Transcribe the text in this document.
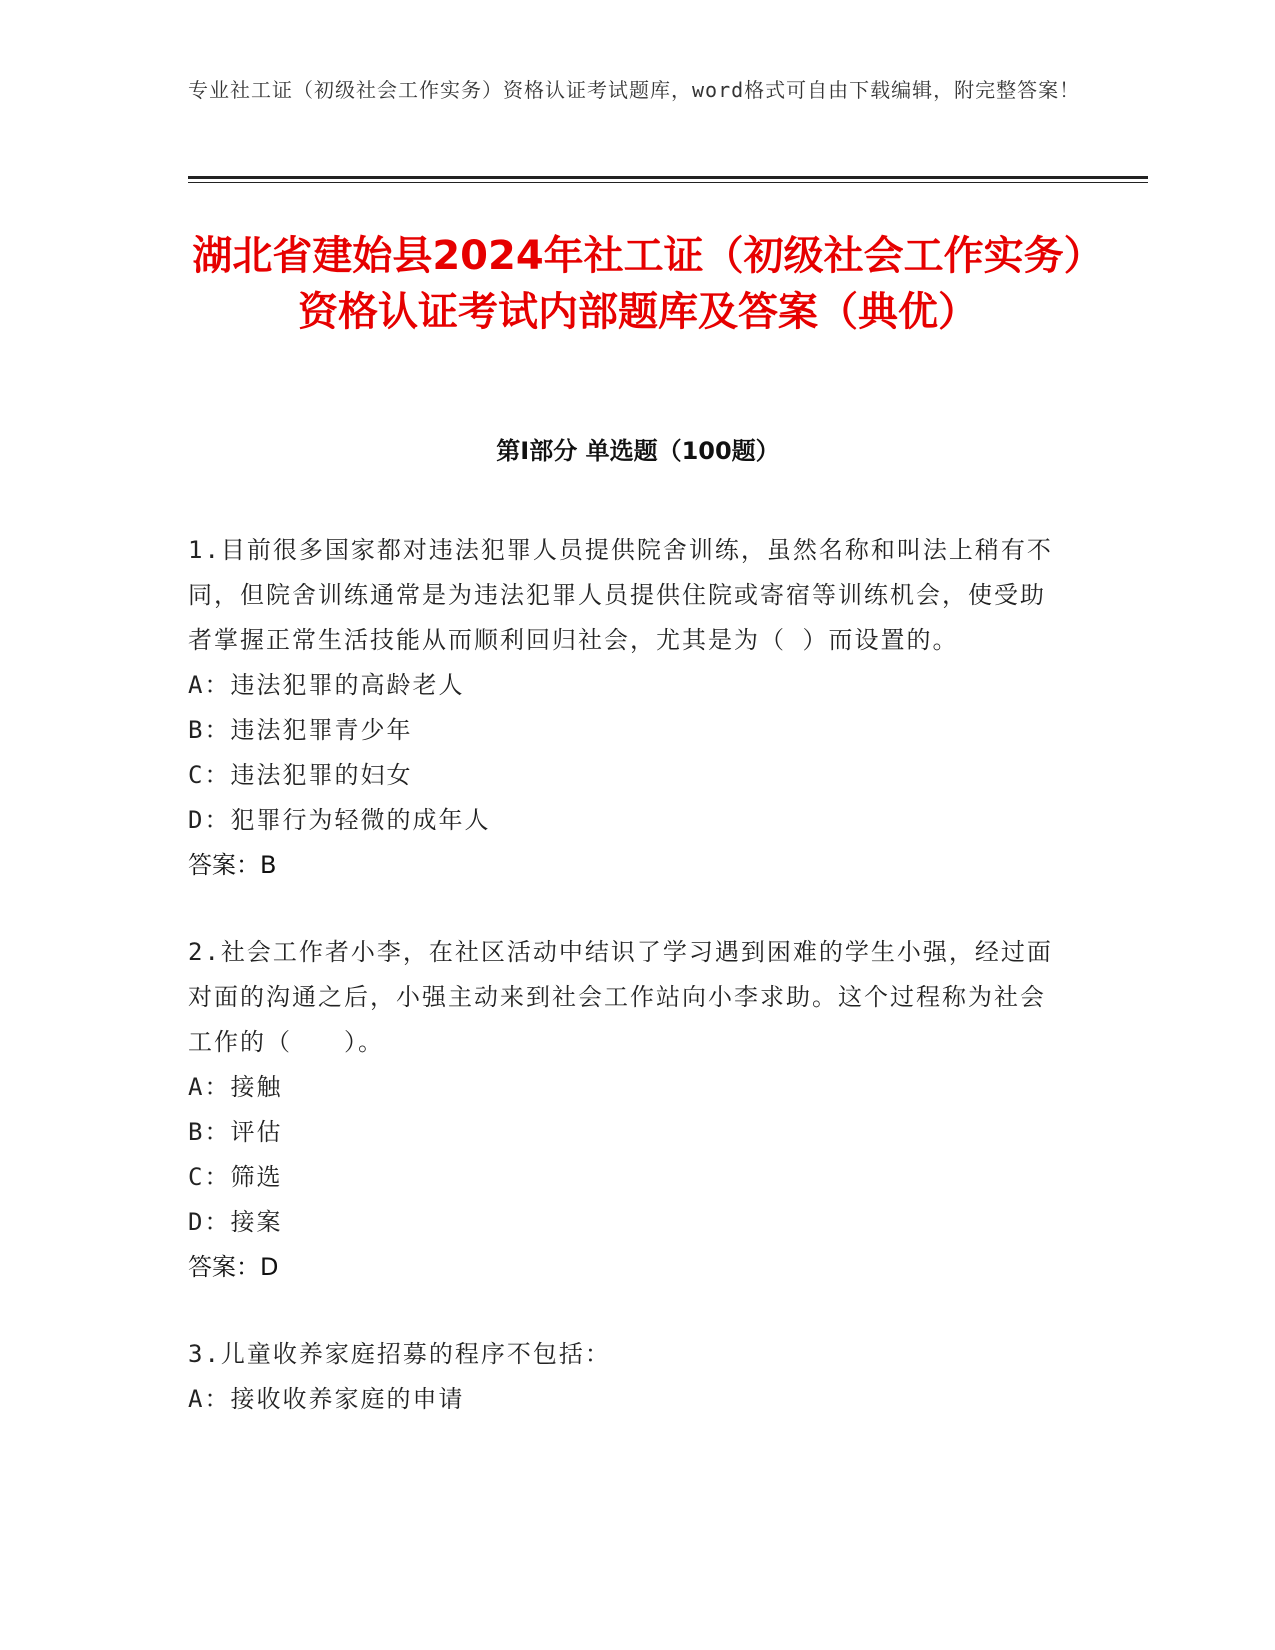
专业社工证（初级社会工作实务）资格认证考试题库，word格式可自由下载编辑，附完整答案！
湖北省建始县2024年社工证（初级社会工作实务）资格认证考试内部题库及答案（典优）
第Ⅰ部分 单选题（100题）

1.目前很多国家都对违法犯罪人员提供院舍训练，虽然名称和叫法上稍有不同，但院舍训练通常是为违法犯罪人员提供住院或寄宿等训练机会，使受助者掌握正常生活技能从而顺利回归社会，尤其是为（ ）而设置的。

A：违法犯罪的高龄老人

B：违法犯罪青少年

C：违法犯罪的妇女

D：犯罪行为轻微的成年人

答案：B

2.社会工作者小李，在社区活动中结识了学习遇到困难的学生小强，经过面对面的沟通之后，小强主动来到社会工作站向小李求助。这个过程称为社会工作的（　　）。

A：接触

B：评估

C：筛选

D：接案

答案：D

3.儿童收养家庭招募的程序不包括：

A：接收收养家庭的申请
